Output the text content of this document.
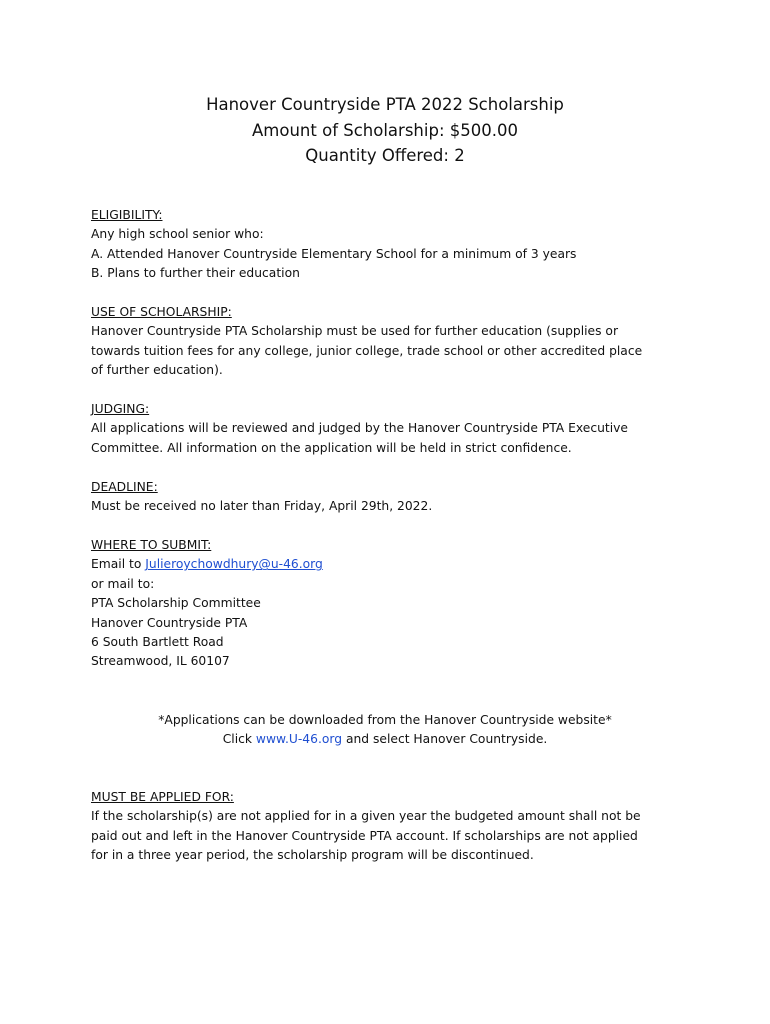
Hanover Countryside PTA 2022 Scholarship
Amount of Scholarship: $500.00
Quantity Offered: 2
ELIGIBILITY:
Any high school senior who:
A. Attended Hanover Countryside Elementary School for a minimum of 3 years
B. Plans to further their education
USE OF SCHOLARSHIP:
Hanover Countryside PTA Scholarship must be used for further education (supplies or
towards tuition fees for any college, junior college, trade school or other accredited place
of further education).
JUDGING:
All applications will be reviewed and judged by the Hanover Countryside PTA Executive
Committee. All information on the application will be held in strict confidence.
DEADLINE:
Must be received no later than Friday, April 29th, 2022.
WHERE TO SUBMIT:
Email to Julieroychowdhury@u-46.org
or mail to:
PTA Scholarship Committee
Hanover Countryside PTA
6 South Bartlett Road
Streamwood, IL 60107
*Applications can be downloaded from the Hanover Countryside website*
Click www.U-46.org and select Hanover Countryside.
MUST BE APPLIED FOR:
If the scholarship(s) are not applied for in a given year the budgeted amount shall not be
paid out and left in the Hanover Countryside PTA account. If scholarships are not applied
for in a three year period, the scholarship program will be discontinued.
